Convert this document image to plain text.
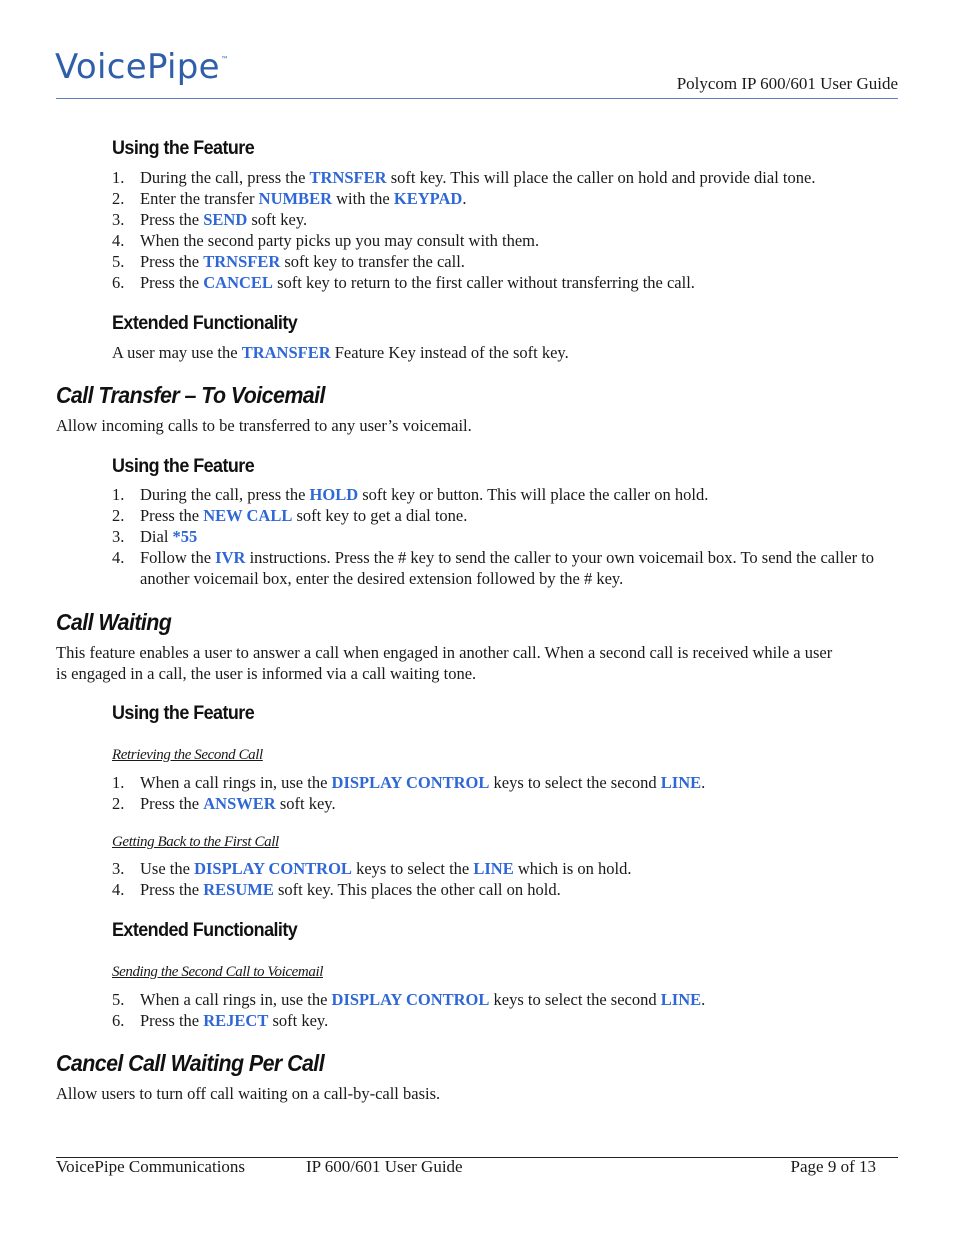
VoicePipe™
Polycom IP 600/601 User Guide
Using the Feature
1. During the call, press the TRNSFER soft key. This will place the caller on hold and provide dial tone.
2. Enter the transfer NUMBER with the KEYPAD.
3. Press the SEND soft key.
4. When the second party picks up you may consult with them.
5. Press the TRNSFER soft key to transfer the call.
6. Press the CANCEL soft key to return to the first caller without transferring the call.
Extended Functionality
A user may use the TRANSFER Feature Key instead of the soft key.
Call Transfer – To Voicemail
Allow incoming calls to be transferred to any user’s voicemail.
Using the Feature
1. During the call, press the HOLD soft key or button. This will place the caller on hold.
2. Press the NEW CALL soft key to get a dial tone.
3. Dial *55
4. Follow the IVR instructions. Press the # key to send the caller to your own voicemail box. To send the caller to another voicemail box, enter the desired extension followed by the # key.
Call Waiting
This feature enables a user to answer a call when engaged in another call. When a second call is received while a user
is engaged in a call, the user is informed via a call waiting tone.
Using the Feature
Retrieving the Second Call
1. When a call rings in, use the DISPLAY CONTROL keys to select the second LINE.
2. Press the ANSWER soft key.
Getting Back to the First Call
3. Use the DISPLAY CONTROL keys to select the LINE which is on hold.
4. Press the RESUME soft key. This places the other call on hold.
Extended Functionality
Sending the Second Call to Voicemail
5. When a call rings in, use the DISPLAY CONTROL keys to select the second LINE.
6. Press the REJECT soft key.
Cancel Call Waiting Per Call
Allow users to turn off call waiting on a call-by-call basis.
VoicePipe Communications	IP 600/601 User Guide	Page 9 of 13
